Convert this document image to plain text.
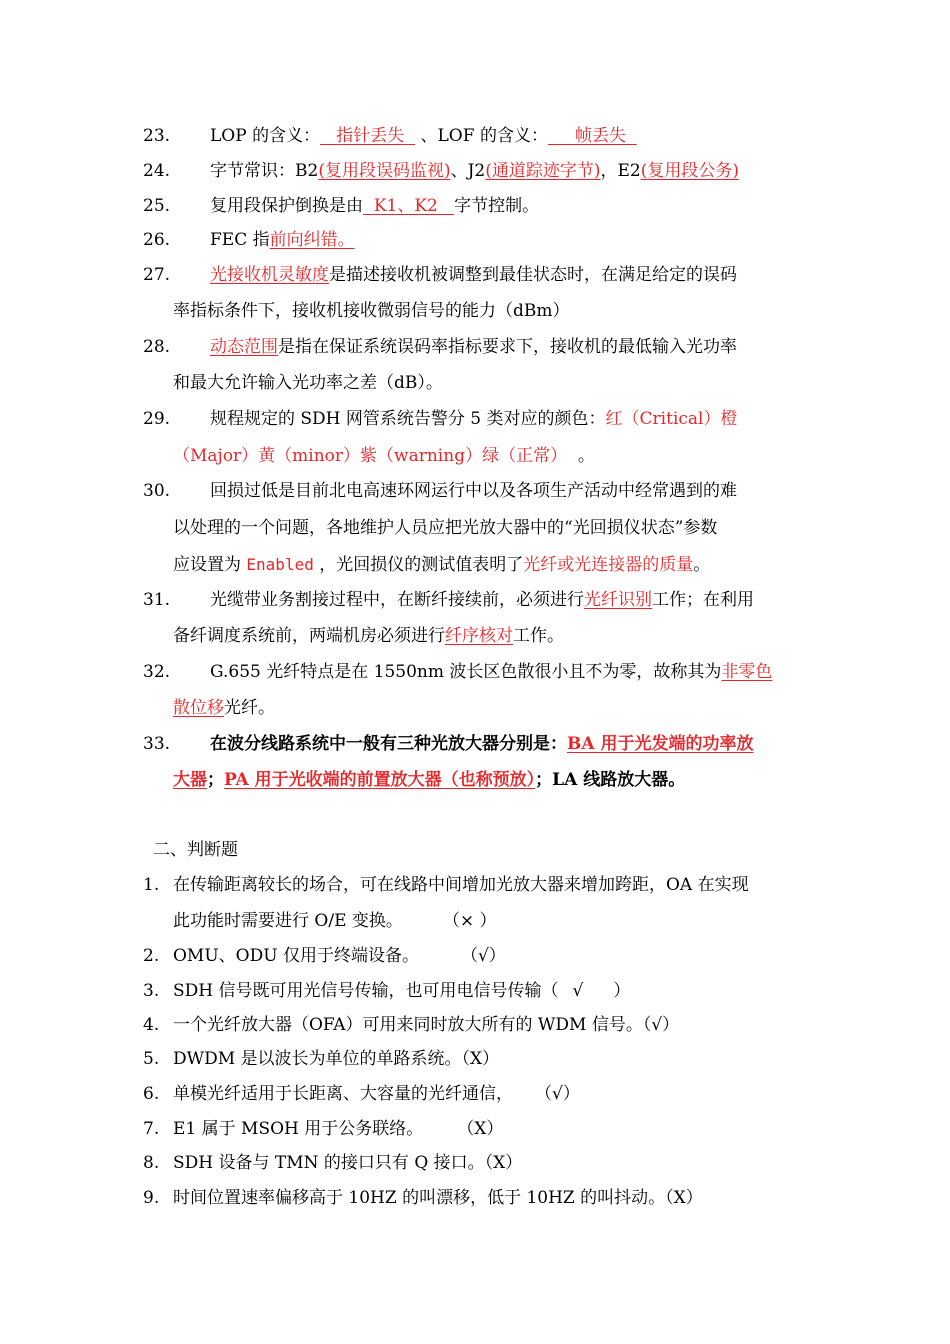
23. LOP 的含义： 指针丢失 、LOF 的含义： 帧丢失
24. 字节常识：B2(复用段误码监视)、J2(通道踪迹字节)，E2(复用段公务)
25. 复用段保护倒换是由 K1、K2 字节控制。
26. FEC 指前向纠错。
27. 光接收机灵敏度是描述接收机被调整到最佳状态时，在满足给定的误码
率指标条件下，接收机接收微弱信号的能力（dBm）
28. 动态范围是指在保证系统误码率指标要求下，接收机的最低输入光功率
和最大允许输入光功率之差（dB）。
29. 规程规定的 SDH 网管系统告警分 5 类对应的颜色：红（Critical）橙
（Major）黄（minor）紫（warning）绿（正常） 。
30. 回损过低是目前北电高速环网运行中以及各项生产活动中经常遇到的难
以处理的一个问题，各地维护人员应把光放大器中的“光回损仪状态”参数
应设置为 Enabled ，光回损仪的测试值表明了光纤或光连接器的质量。
31. 光缆带业务割接过程中，在断纤接续前，必须进行光纤识别工作；在利用
备纤调度系统前，两端机房必须进行纤序核对工作。
32. G.655 光纤特点是在 1550nm 波长区色散很小且不为零，故称其为非零色
散位移光纤。
33. 在波分线路系统中一般有三种光放大器分别是：BA 用于光发端的功率放
大器；PA 用于光收端的前置放大器（也称预放）；LA 线路放大器。
二、判断题
1. 在传输距离较长的场合，可在线路中间增加光放大器来增加跨距，OA 在实现
此功能时需要进行 O/E 变换。 （× ）
2. OMU、ODU 仅用于终端设备。 （√）
3. SDH 信号既可用光信号传输，也可用电信号传输（ √ ）
4. 一个光纤放大器（OFA）可用来同时放大所有的 WDM 信号。（√）
5. DWDM 是以波长为单位的单路系统。（X）
6. 单模光纤适用于长距离、大容量的光纤通信， （√）
7. E1 属于 MSOH 用于公务联络。 （X）
8. SDH 设备与 TMN 的接口只有 Q 接口。（X）
9. 时间位置速率偏移高于 10HZ 的叫漂移，低于 10HZ 的叫抖动。（X）
